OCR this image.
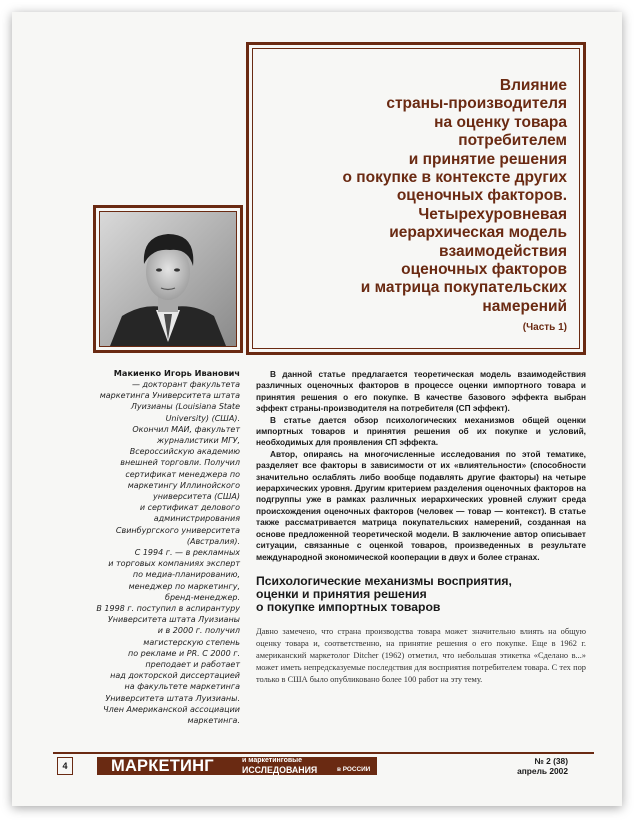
Влияние
страны-производителя
на оценку товара
потребителем
и принятие решения
о покупке в контексте других
оценочных факторов.
Четырехуровневая
иерархическая модель
взаимодействия
оценочных факторов
и матрица покупательских
намерений
(Часть 1)
Макиенко Игорь Иванович
— докторант факультета
маркетинга Университета штата
Луизианы (Louisiana State
University) (США).
Окончил МАИ, факультет
журналистики МГУ,
Всероссийскую академию
внешней торговли. Получил
сертификат менеджера по
маркетингу Иллинойского
университета (США)
и сертификат делового
администрирования
Свинбургского университета
(Австралия).
С 1994 г. — в рекламных
и торговых компаниях эксперт
по медиа-планированию,
менеджер по маркетингу,
бренд-менеджер.
В 1998 г. поступил в аспирантуру
Университета штата Луизианы
и в 2000 г. получил
магистерскую степень
по рекламе и PR. С 2000 г.
преподает и работает
над докторской диссертацией
на факультете маркетинга
Университета штата Луизианы.
Член Американской ассоциации
маркетинга.

В данной статье предлагается теоретическая модель взаимодействия различных оценочных факторов в процессе оценки импортного товара и принятия решения о его покупке. В качестве базового эффекта выбран эффект страны-производителя на потребителя (СП эффект).

В статье дается обзор психологических механизмов общей оценки импортных товаров и принятия решения об их покупке и условий, необходимых для проявления СП эффекта.

Автор, опираясь на многочисленные исследования по этой тематике, разделяет все факторы в зависимости от их «влиятельности» (способности значительно ослаблять либо вообще подавлять другие факторы) на четыре иерархических уровня. Другим критерием разделения оценочных факторов на подгруппы уже в рамках различных иерархических уровней служит среда происхождения оценочных факторов (человек — товар — контекст). В статье также рассматривается матрица покупательских намерений, созданная на основе предложенной теоретической модели. В заключение автор описывает ситуации, связанные с оценкой товаров, произведенных в результате международной экономической кооперации в двух и более странах.

Психологические механизмы восприятия,
оценки и принятия решения
о покупке импортных товаров
Давно замечено, что страна производства товара может значительно влиять на общую оценку товара и, соответственно, на принятие решения о его покупке. Еще в 1962 г. американский маркетолог Ditcher (1962) отметил, что небольшая этикетка «Сделано в...» может иметь непредсказуемые последствия для восприятия потребителем товара. С тех пор только в США было опубликовано более 100 работ на эту тему.
4	МАРКЕТИНГ	и маркетинговые
ИССЛЕДОВАНИЯ	в РОССИИ
№ 2 (38)
апрель 2002
